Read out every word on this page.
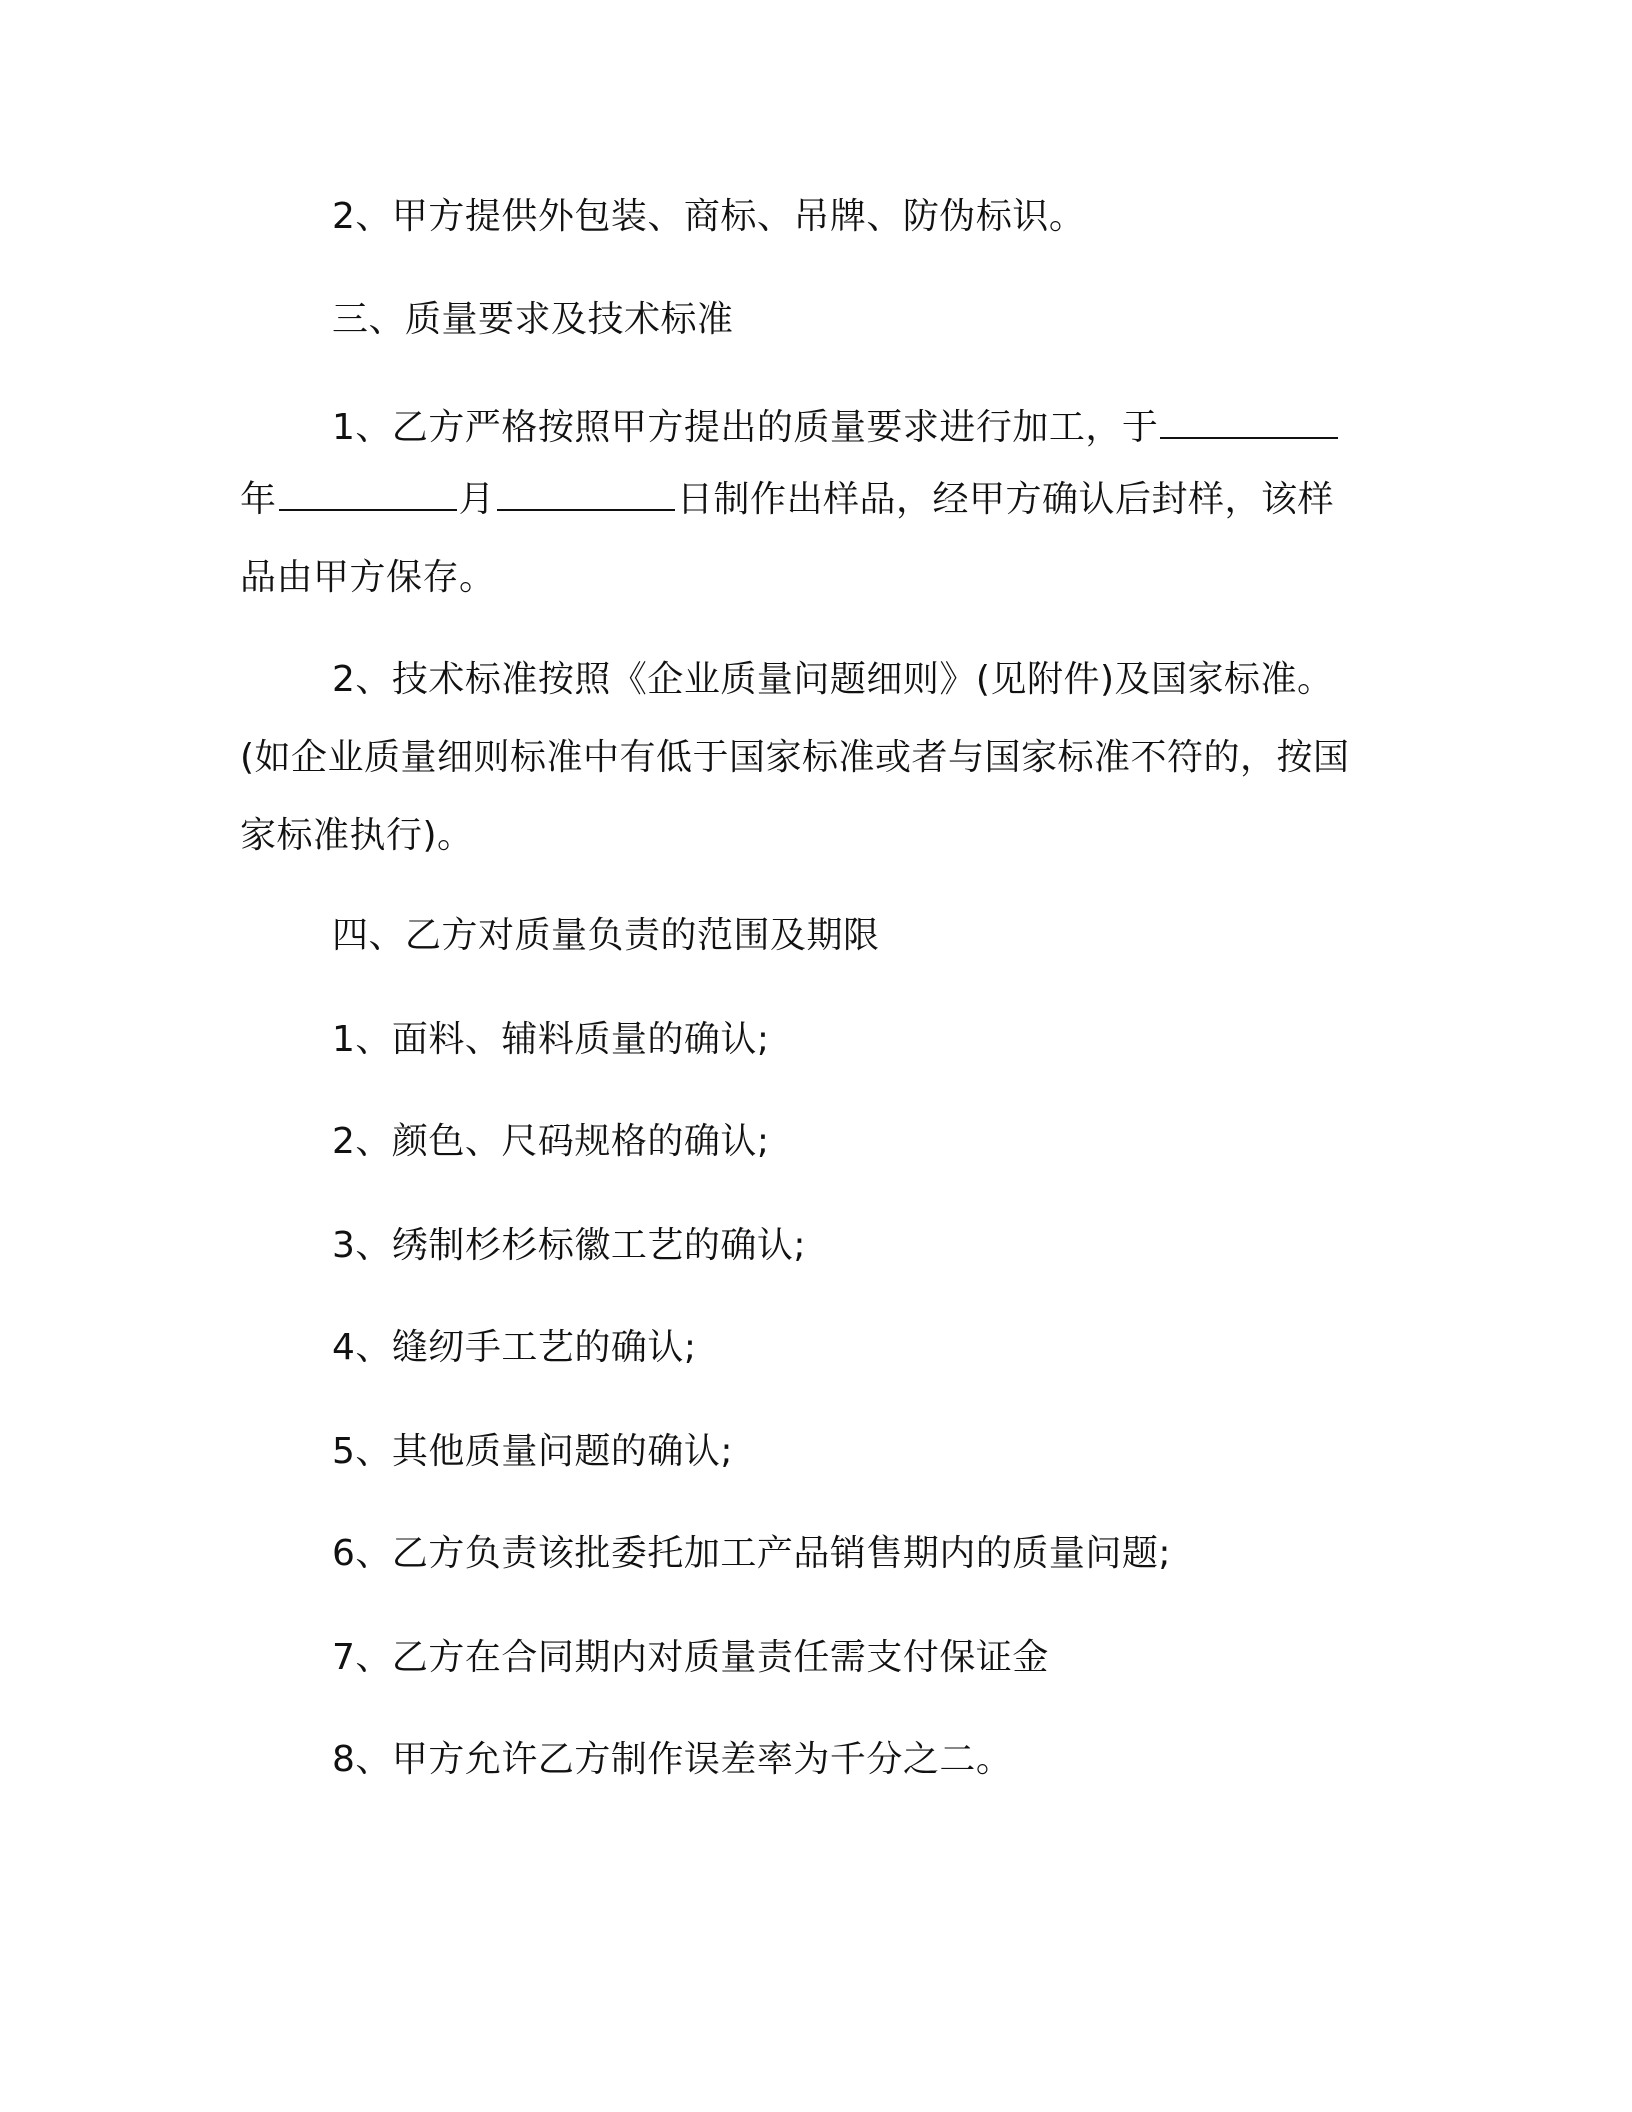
2、甲方提供外包装、商标、吊牌、防伪标识。
三、质量要求及技术标准
1、乙方严格按照甲方提出的质量要求进行加工，于
年	月	日制作出样品，经甲方确认后封样，该样
品由甲方保存。
2、技术标准按照《企业质量问题细则》(见附件)及国家标准。
(如企业质量细则标准中有低于国家标准或者与国家标准不符的，按国
家标准执行)。
四、乙方对质量负责的范围及期限
1、面料、辅料质量的确认;
2、颜色、尺码规格的确认;
3、绣制杉杉标徽工艺的确认;
4、缝纫手工艺的确认;
5、其他质量问题的确认;
6、乙方负责该批委托加工产品销售期内的质量问题;
7、乙方在合同期内对质量责任需支付保证金
8、甲方允许乙方制作误差率为千分之二。
